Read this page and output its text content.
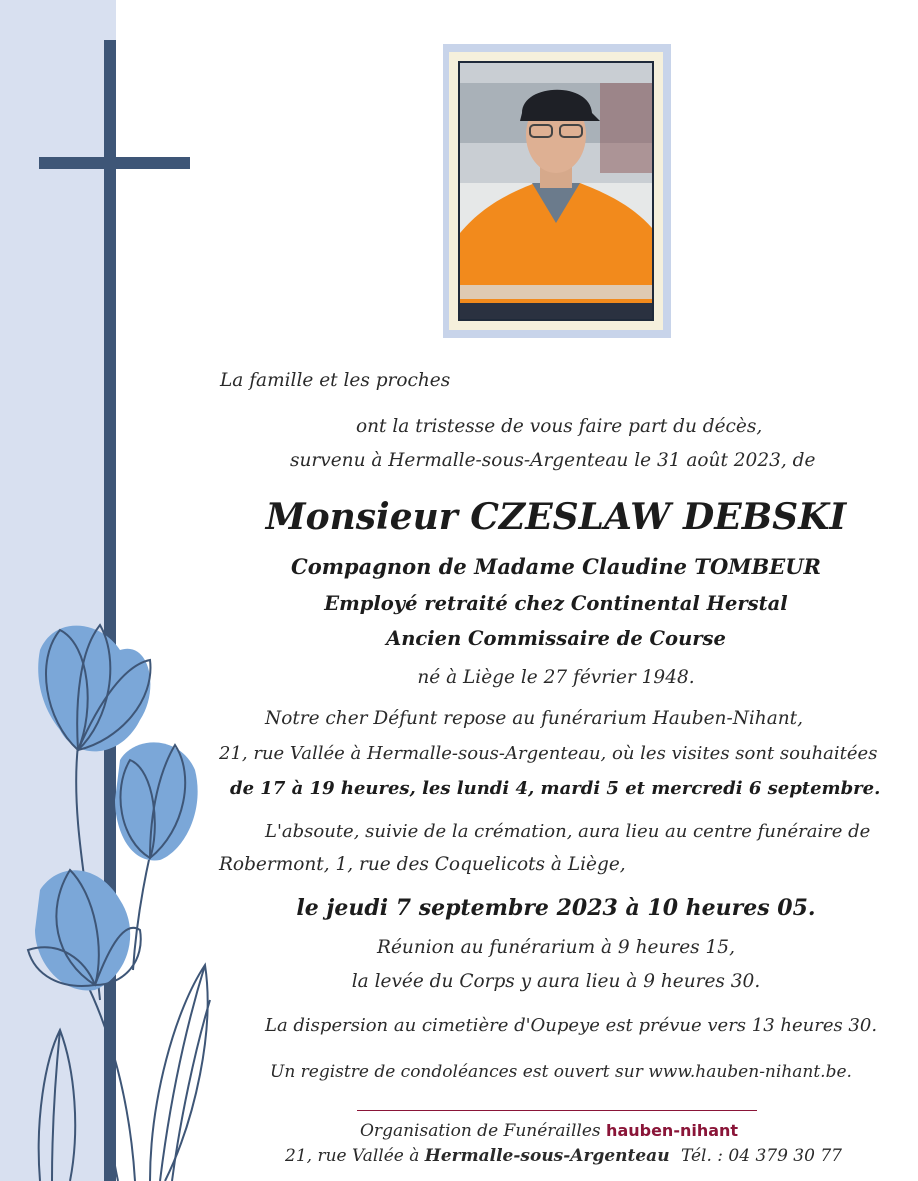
La famille et les proches
ont la tristesse de vous faire part du décès,
survenu à Hermalle-sous-Argenteau le 31 août 2023, de
Monsieur CZESLAW DEBSKI
Compagnon de Madame Claudine TOMBEUR
Employé retraité chez Continental Herstal
Ancien Commissaire de Course
né à Liège le 27 février 1948.
Notre cher Défunt repose au funérarium Hauben-Nihant,
21, rue Vallée à Hermalle-sous-Argenteau, où les visites sont souhaitées
de 17 à 19 heures, les lundi 4, mardi 5 et mercredi 6 septembre.
L'absoute, suivie de la crémation, aura lieu au centre funéraire de
Robermont, 1, rue des Coquelicots à Liège,
le jeudi 7 septembre 2023 à 10 heures 05.
Réunion au funérarium à 9 heures 15,
la levée du Corps y aura lieu à 9 heures 30.
La dispersion au cimetière d'Oupeye est prévue vers 13 heures 30.
Un registre de condoléances est ouvert sur www.hauben-nihant.be.
Organisation de Funérailles hauben-nihant
21, rue Vallée à Hermalle-sous-Argenteau Tél. : 04 379 30 77
